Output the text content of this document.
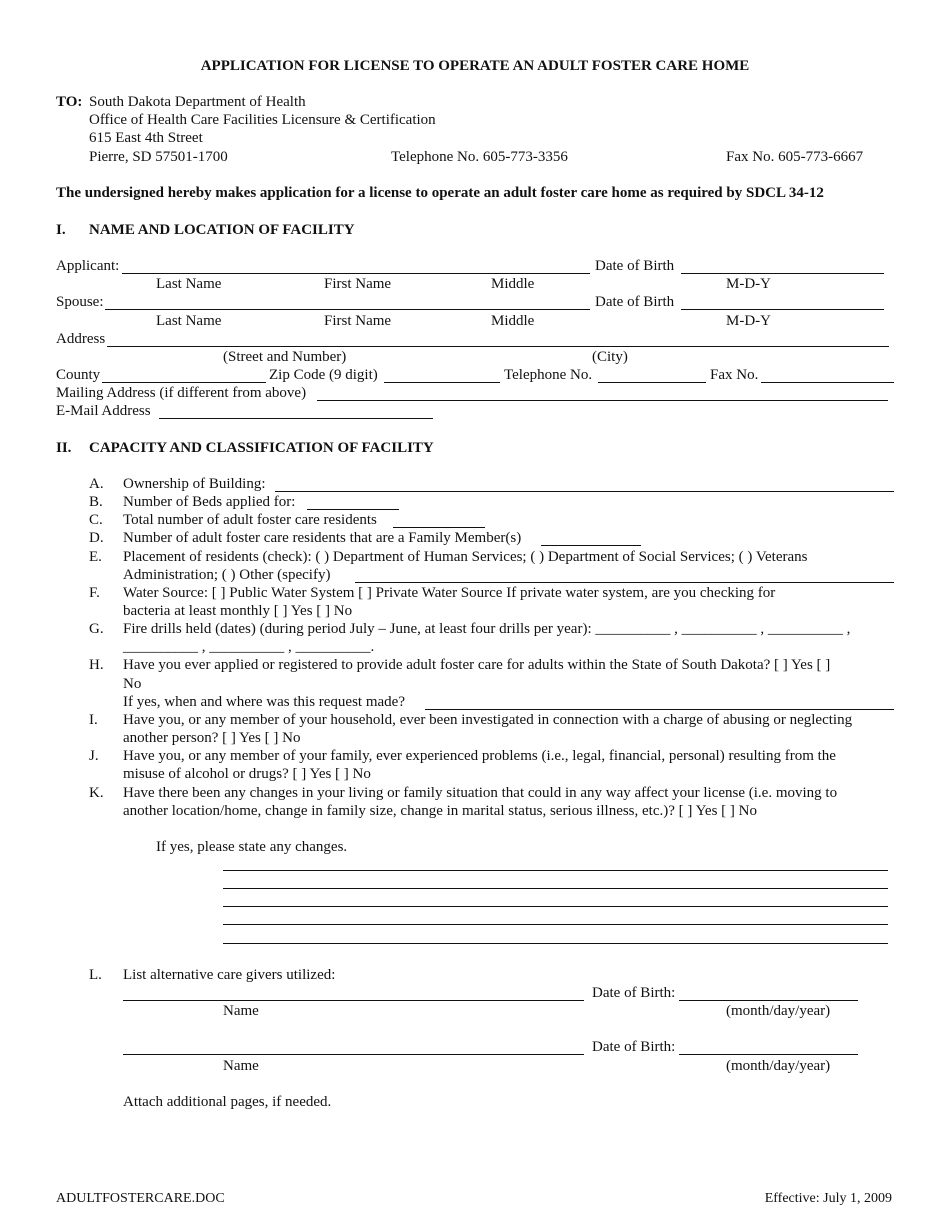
APPLICATION FOR LICENSE TO OPERATE AN ADULT FOSTER CARE HOME
TO: South Dakota Department of Health
Office of Health Care Facilities Licensure & Certification
615 East 4th Street
Pierre, SD 57501-1700	Telephone No. 605-773-3356	Fax No. 605-773-6667
The undersigned hereby makes application for a license to operate an adult foster care home as required by SDCL 34-12
I. NAME AND LOCATION OF FACILITY
Applicant:	Date of Birth
Last Name	First Name	Middle	M-D-Y
Spouse:	Date of Birth
Last Name	First Name	Middle	M-D-Y
Address
(Street and Number)	(City)
County	Zip Code (9 digit)	Telephone No.	Fax No.
Mailing Address (if different from above)
E-Mail Address
II. CAPACITY AND CLASSIFICATION OF FACILITY
A. Ownership of Building:
B. Number of Beds applied for:
C. Total number of adult foster care residents
D. Number of adult foster care residents that are a Family Member(s)
E. Placement of residents (check): ( ) Department of Human Services; ( ) Department of Social Services; ( ) Veterans
Administration; ( ) Other (specify)
F. Water Source: [ ] Public Water System [ ] Private Water Source If private water system, are you checking for
bacteria at least monthly [ ] Yes [ ] No
G. Fire drills held (dates) (during period July – June, at least four drills per year): __________ , __________ , __________ ,
__________ , __________ , __________.
H. Have you ever applied or registered to provide adult foster care for adults within the State of South Dakota? [ ] Yes [ ]
No
If yes, when and where was this request made?
I. Have you, or any member of your household, ever been investigated in connection with a charge of abusing or neglecting
another person? [ ] Yes [ ] No
J. Have you, or any member of your family, ever experienced problems (i.e., legal, financial, personal) resulting from the
misuse of alcohol or drugs? [ ] Yes [ ] No
K. Have there been any changes in your living or family situation that could in any way affect your license (i.e. moving to
another location/home, change in family size, change in marital status, serious illness, etc.)? [ ] Yes [ ] No
If yes, please state any changes.
L. List alternative care givers utilized:
Date of Birth:
Name	(month/day/year)
Date of Birth:
Name	(month/day/year)
Attach additional pages, if needed.
ADULTFOSTERCARE.DOC	Effective: July 1, 2009
